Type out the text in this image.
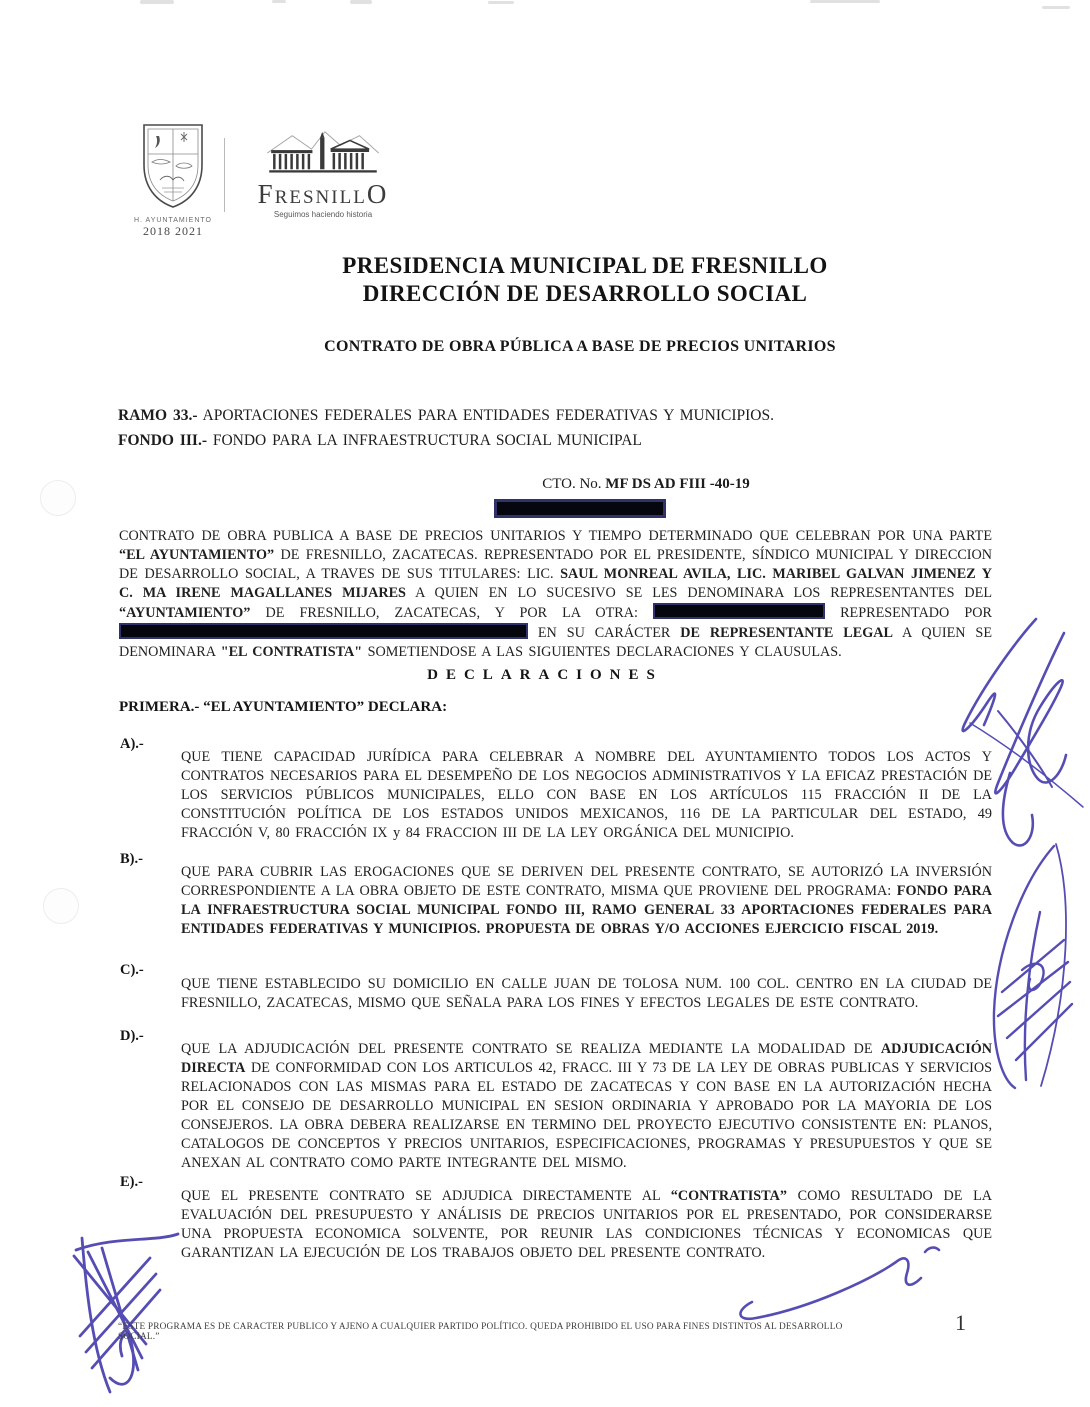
H. AYUNTAMIENTO
2018 2021
FRESNILLO
Seguimos haciendo historia
PRESIDENCIA MUNICIPAL DE FRESNILLO
DIRECCIÓN DE DESARROLLO SOCIAL
CONTRATO DE OBRA PÚBLICA A BASE DE PRECIOS UNITARIOS
RAMO 33.- APORTACIONES FEDERALES PARA ENTIDADES FEDERATIVAS Y MUNICIPIOS.
FONDO III.- FONDO PARA LA INFRAESTRUCTURA SOCIAL MUNICIPAL
CTO. No. MF DS AD FIII -40-19

CONTRATO DE OBRA PUBLICA A BASE DE PRECIOS UNITARIOS Y TIEMPO DETERMINADO QUE CELEBRAN POR UNA PARTE “EL AYUNTAMIENTO” DE FRESNILLO, ZACATECAS. REPRESENTADO POR EL PRESIDENTE, SÍNDICO MUNICIPAL Y DIRECCION DE DESARROLLO SOCIAL, A TRAVES DE SUS TITULARES: LIC. SAUL MONREAL AVILA, LIC. MARIBEL GALVAN JIMENEZ Y C. MA IRENE MAGALLANES MIJARES A QUIEN EN LO SUCESIVO SE LES DENOMINARA LOS REPRESENTANTES DEL “AYUNTAMIENTO” DE FRESNILLO, ZACATECAS, Y POR LA OTRA:	REPRESENTADO POR  EN SU CARÁCTER DE REPRESENTANTE LEGAL A QUIEN SE DENOMINARA "EL CONTRATISTA" SOMETIENDOSE A LAS SIGUIENTES DECLARACIONES Y CLAUSULAS.

DECLARACIONES
PRIMERA.- “EL AYUNTAMIENTO” DECLARA:
A).-

QUE TIENE CAPACIDAD JURÍDICA PARA CELEBRAR A NOMBRE DEL AYUNTAMIENTO TODOS LOS ACTOS Y CONTRATOS NECESARIOS PARA EL DESEMPEÑO DE LOS NEGOCIOS ADMINISTRATIVOS Y LA EFICAZ PRESTACIÓN DE LOS SERVICIOS PÚBLICOS MUNICIPALES, ELLO CON BASE EN LOS ARTÍCULOS 115 FRACCIÓN II DE LA CONSTITUCIÓN POLÍTICA DE LOS ESTADOS UNIDOS MEXICANOS, 116 DE LA PARTICULAR DEL ESTADO, 49 FRACCIÓN V, 80 FRACCIÓN IX y 84 FRACCION III DE LA LEY ORGÁNICA DEL MUNICIPIO.

B).-

QUE PARA CUBRIR LAS EROGACIONES QUE SE DERIVEN DEL PRESENTE CONTRATO, SE AUTORIZÓ LA INVERSIÓN CORRESPONDIENTE A LA OBRA OBJETO DE ESTE CONTRATO, MISMA QUE PROVIENE DEL PROGRAMA: FONDO PARA LA INFRAESTRUCTURA SOCIAL MUNICIPAL FONDO III, RAMO GENERAL 33 APORTACIONES FEDERALES PARA ENTIDADES FEDERATIVAS Y MUNICIPIOS. PROPUESTA DE OBRAS Y/O ACCIONES EJERCICIO FISCAL 2019.

C).-

QUE TIENE ESTABLECIDO SU DOMICILIO EN CALLE JUAN DE TOLOSA NUM. 100 COL. CENTRO EN LA CIUDAD DE FRESNILLO, ZACATECAS, MISMO QUE SEÑALA PARA LOS FINES Y EFECTOS LEGALES DE ESTE CONTRATO.

D).-

QUE LA ADJUDICACIÓN DEL PRESENTE CONTRATO SE REALIZA MEDIANTE LA MODALIDAD DE ADJUDICACIÓN DIRECTA DE CONFORMIDAD CON LOS ARTICULOS 42, FRACC. III Y 73 DE LA LEY DE OBRAS PUBLICAS Y SERVICIOS RELACIONADOS CON LAS MISMAS PARA EL ESTADO DE ZACATECAS Y CON BASE EN LA AUTORIZACIÓN HECHA POR EL CONSEJO DE DESARROLLO MUNICIPAL EN SESION ORDINARIA Y APROBADO POR LA MAYORIA DE LOS CONSEJEROS. LA OBRA DEBERA REALIZARSE EN TERMINO DEL PROYECTO EJECUTIVO CONSISTENTE EN: PLANOS, CATALOGOS DE CONCEPTOS Y PRECIOS UNITARIOS, ESPECIFICACIONES, PROGRAMAS Y PRESUPUESTOS Y QUE SE ANEXAN AL CONTRATO COMO PARTE INTEGRANTE DEL MISMO.

E).-

QUE EL PRESENTE CONTRATO SE ADJUDICA DIRECTAMENTE AL “CONTRATISTA” COMO RESULTADO DE LA EVALUACIÓN DEL PRESUPUESTO Y ANÁLISIS DE PRECIOS UNITARIOS POR EL PRESENTADO, POR CONSIDERARSE UNA PROPUESTA ECONOMICA SOLVENTE, POR REUNIR LAS CONDICIONES TÉCNICAS Y ECONOMICAS QUE GARANTIZAN LA EJECUCIÓN DE LOS TRABAJOS OBJETO DEL PRESENTE CONTRATO.

“ESTE PROGRAMA ES DE CARACTER PUBLICO Y AJENO A CUALQUIER PARTIDO POLÍTICO. QUEDA PROHIBIDO EL USO PARA FINES DISTINTOS AL DESARROLLO SOCIAL.”
1
